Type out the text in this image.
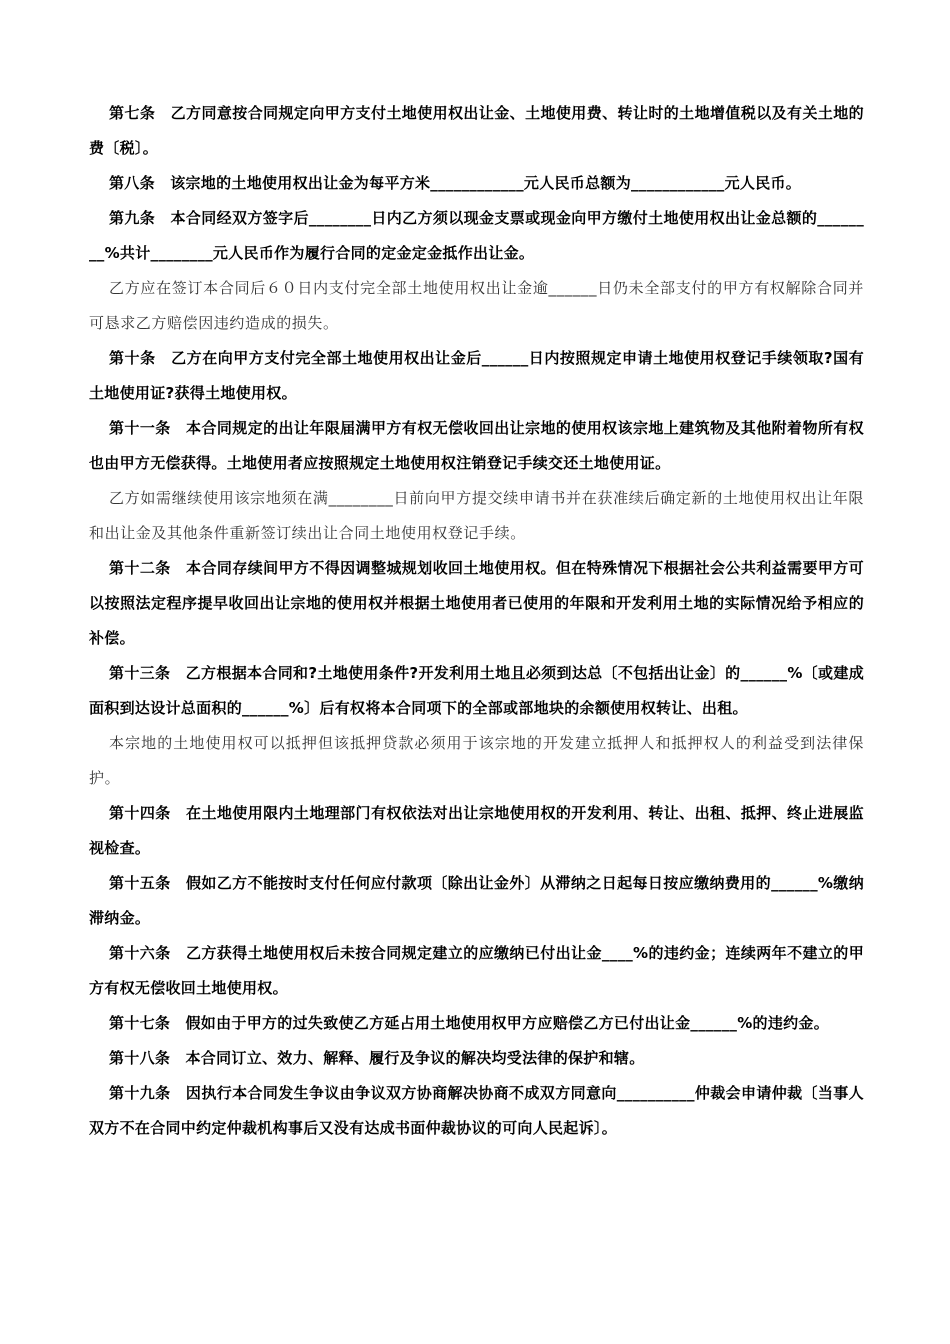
第七条　乙方同意按合同规定向甲方支付土地使用权出让金、土地使用费、转让时的土地增值税以及有关土地的费〔税〕。

第八条　该宗地的土地使用权出让金为每平方米____________元人民币总额为____________元人民币。

第九条　本合同经双方签字后________日内乙方须以现金支票或现金向甲方缴付土地使用权出让金总额的________%共计________元人民币作为履行合同的定金定金抵作出让金。

乙方应在签订本合同后６０日内支付完全部土地使用权出让金逾______日仍未全部支付的甲方有权解除合同并可恳求乙方赔偿因违约造成的损失。

第十条　乙方在向甲方支付完全部土地使用权出让金后______日内按照规定申请土地使用权登记手续领取?国有土地使用证?获得土地使用权。

第十一条　本合同规定的出让年限届满甲方有权无偿收回出让宗地的使用权该宗地上建筑物及其他附着物所有权也由甲方无偿获得。土地使用者应按照规定土地使用权注销登记手续交还土地使用证。

乙方如需继续使用该宗地须在满________日前向甲方提交续申请书并在获准续后确定新的土地使用权出让年限和出让金及其他条件重新签订续出让合同土地使用权登记手续。

第十二条　本合同存续间甲方不得因调整城规划收回土地使用权。但在特殊情况下根据社会公共利益需要甲方可以按照法定程序提早收回出让宗地的使用权并根据土地使用者已使用的年限和开发利用土地的实际情况给予相应的补偿。

第十三条　乙方根据本合同和?土地使用条件?开发利用土地且必须到达总〔不包括出让金〕的______%〔或建成面积到达设计总面积的______%〕后有权将本合同项下的全部或部地块的余额使用权转让、出租。

本宗地的土地使用权可以抵押但该抵押贷款必须用于该宗地的开发建立抵押人和抵押权人的利益受到法律保护。

第十四条　在土地使用限内土地理部门有权依法对出让宗地使用权的开发利用、转让、出租、抵押、终止进展监视检查。

第十五条　假如乙方不能按时支付任何应付款项〔除出让金外〕从滞纳之日起每日按应缴纳费用的______%缴纳滞纳金。

第十六条　乙方获得土地使用权后未按合同规定建立的应缴纳已付出让金____%的违约金；连续两年不建立的甲方有权无偿收回土地使用权。

第十七条　假如由于甲方的过失致使乙方延占用土地使用权甲方应赔偿乙方已付出让金______%的违约金。

第十八条　本合同订立、效力、解释、履行及争议的解决均受法律的保护和辖。

第十九条　因执行本合同发生争议由争议双方协商解决协商不成双方同意向__________仲裁会申请仲裁〔当事人双方不在合同中约定仲裁机构事后又没有达成书面仲裁协议的可向人民起诉〕。
